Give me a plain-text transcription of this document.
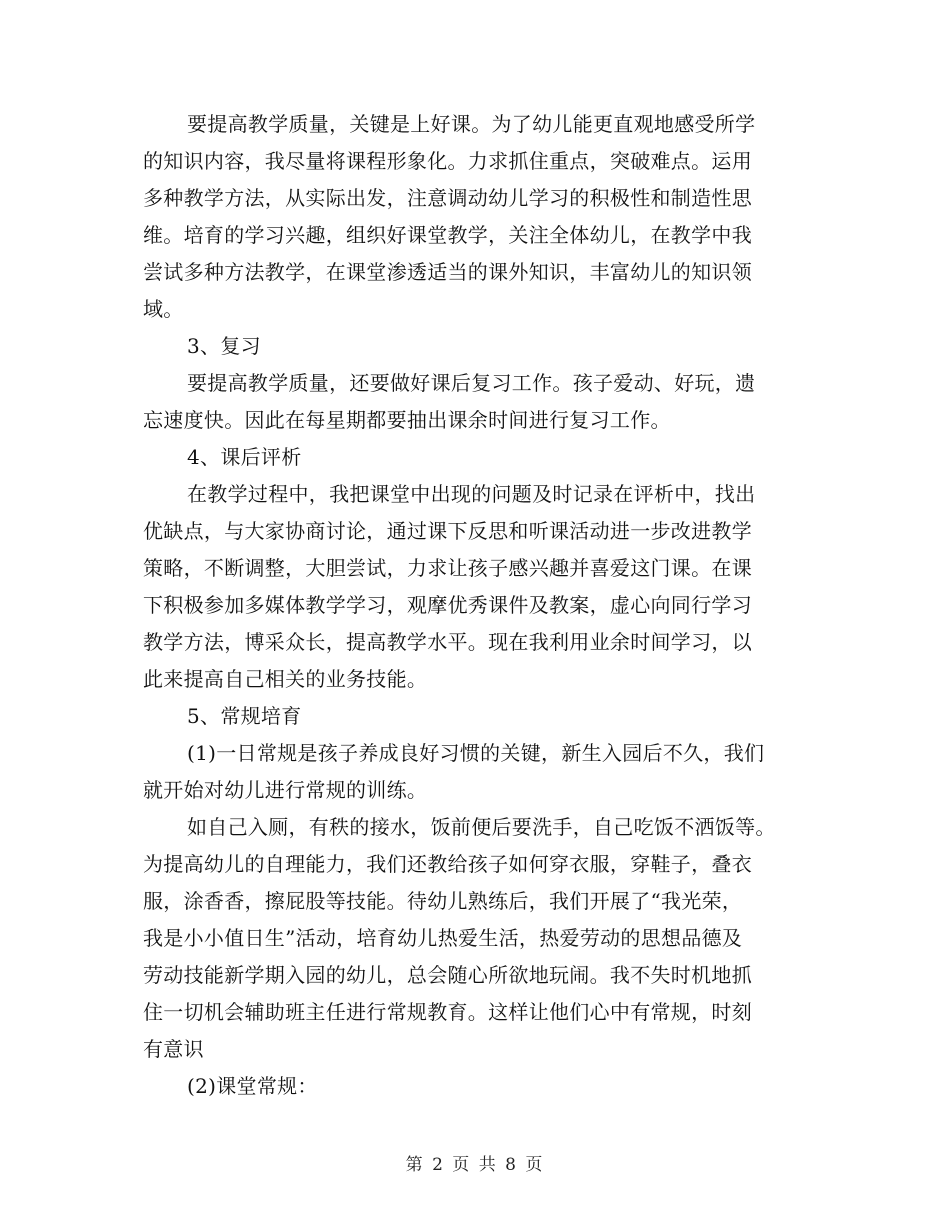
要提高教学质量，关键是上好课。为了幼儿能更直观地感受所学
的知识内容，我尽量将课程形象化。力求抓住重点，突破难点。运用
多种教学方法，从实际出发，注意调动幼儿学习的积极性和制造性思
维。培育的学习兴趣，组织好课堂教学，关注全体幼儿，在教学中我
尝试多种方法教学，在课堂渗透适当的课外知识，丰富幼儿的知识领
域。
3、复习
要提高教学质量，还要做好课后复习工作。孩子爱动、好玩，遗
忘速度快。因此在每星期都要抽出课余时间进行复习工作。
4、课后评析
在教学过程中，我把课堂中出现的问题及时记录在评析中，找出
优缺点，与大家协商讨论，通过课下反思和听课活动进一步改进教学
策略，不断调整，大胆尝试，力求让孩子感兴趣并喜爱这门课。在课
下积极参加多媒体教学学习，观摩优秀课件及教案，虚心向同行学习
教学方法，博采众长，提高教学水平。现在我利用业余时间学习，以
此来提高自己相关的业务技能。
5、常规培育
(1)一日常规是孩子养成良好习惯的关键，新生入园后不久，我们
就开始对幼儿进行常规的训练。
如自己入厕，有秩的接水，饭前便后要洗手，自己吃饭不洒饭等。
为提高幼儿的自理能力，我们还教给孩子如何穿衣服，穿鞋子，叠衣
服，涂香香，擦屁股等技能。待幼儿熟练后，我们开展了“我光荣，
我是小小值日生”活动，培育幼儿热爱生活，热爱劳动的思想品德及
劳动技能新学期入园的幼儿，总会随心所欲地玩闹。我不失时机地抓
住一切机会辅助班主任进行常规教育。这样让他们心中有常规，时刻
有意识
(2)课堂常规：
第 2 页 共 8 页
